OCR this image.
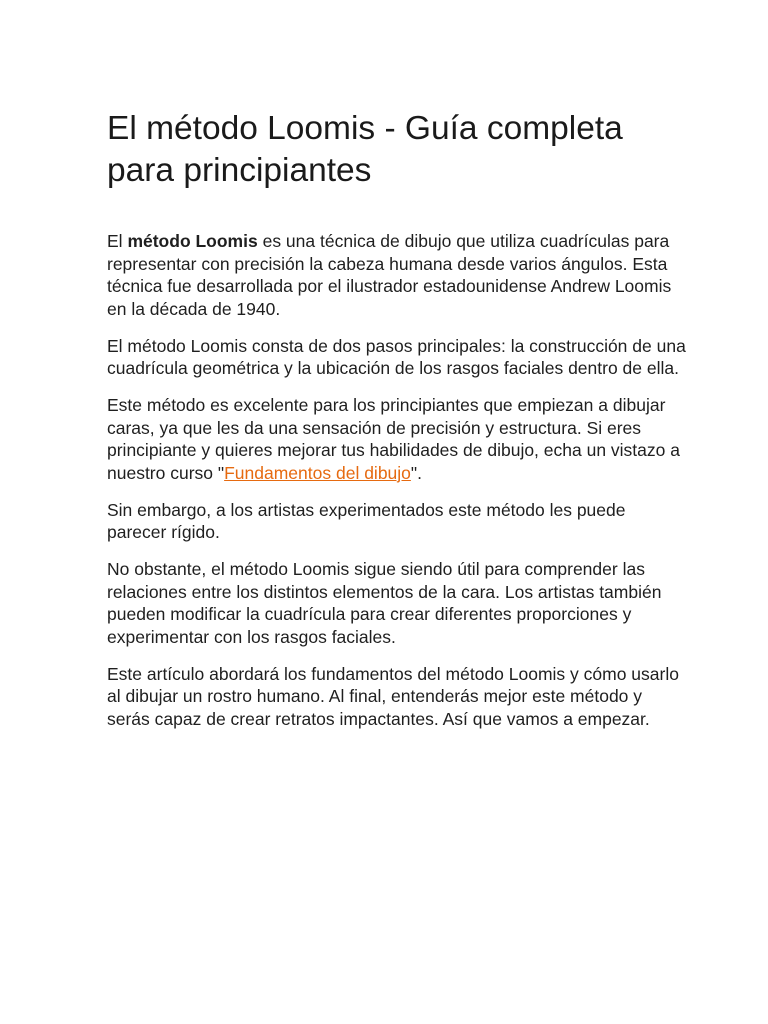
El método Loomis - Guía completa para principiantes

El método Loomis es una técnica de dibujo que utiliza cuadrículas para representar con precisión la cabeza humana desde varios ángulos. Esta técnica fue desarrollada por el ilustrador estadounidense Andrew Loomis en la década de 1940.

El método Loomis consta de dos pasos principales: la construcción de una cuadrícula geométrica y la ubicación de los rasgos faciales dentro de ella.

Este método es excelente para los principiantes que empiezan a dibujar caras, ya que les da una sensación de precisión y estructura. Si eres principiante y quieres mejorar tus habilidades de dibujo, echa un vistazo a nuestro curso "Fundamentos del dibujo".

Sin embargo, a los artistas experimentados este método les puede parecer rígido.

No obstante, el método Loomis sigue siendo útil para comprender las relaciones entre los distintos elementos de la cara. Los artistas también pueden modificar la cuadrícula para crear diferentes proporciones y experimentar con los rasgos faciales.

Este artículo abordará los fundamentos del método Loomis y cómo usarlo al dibujar un rostro humano. Al final, entenderás mejor este método y serás capaz de crear retratos impactantes. Así que vamos a empezar.
